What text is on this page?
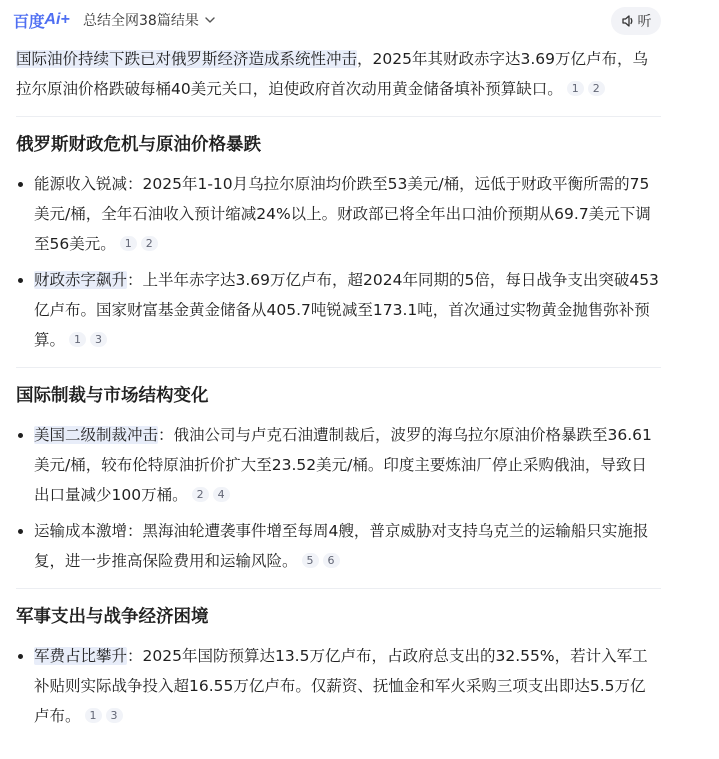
百度 Ai+ 总结全网38篇结果	听

国际油价持续下跌已对俄罗斯经济造成系统性冲击，2025年其财政赤字达3.69万亿卢布，乌拉尔原油价格跌破每桶40美元关口，迫使政府首次动用黄金储备填补预算缺口。 1 2

俄罗斯财政危机与原油价格暴跌
能源收入锐减：2025年1-10月乌拉尔原油均价跌至53美元/桶，远低于财政平衡所需的75美元/桶，全年石油收入预计缩减24%以上。财政部已将全年出口油价预期从69.7美元下调至56美元。 1 2
财政赤字飙升：上半年赤字达3.69万亿卢布，超2024年同期的5倍，每日战争支出突破453亿卢布。国家财富基金黄金储备从405.7吨锐减至173.1吨，首次通过实物黄金抛售弥补预算。 1 3
国际制裁与市场结构变化
美国二级制裁冲击：俄油公司与卢克石油遭制裁后，波罗的海乌拉尔原油价格暴跌至36.61美元/桶，较布伦特原油折价扩大至23.52美元/桶。印度主要炼油厂停止采购俄油，导致日出口量减少100万桶。 2 4
运输成本激增：黑海油轮遭袭事件增至每周4艘，普京威胁对支持乌克兰的运输船只实施报复，进一步推高保险费用和运输风险。 5 6
军事支出与战争经济困境
军费占比攀升：2025年国防预算达13.5万亿卢布，占政府总支出的32.55%，若计入军工补贴则实际战争投入超16.55万亿卢布。仅薪资、抚恤金和军火采购三项支出即达5.5万亿卢布。 1 3
